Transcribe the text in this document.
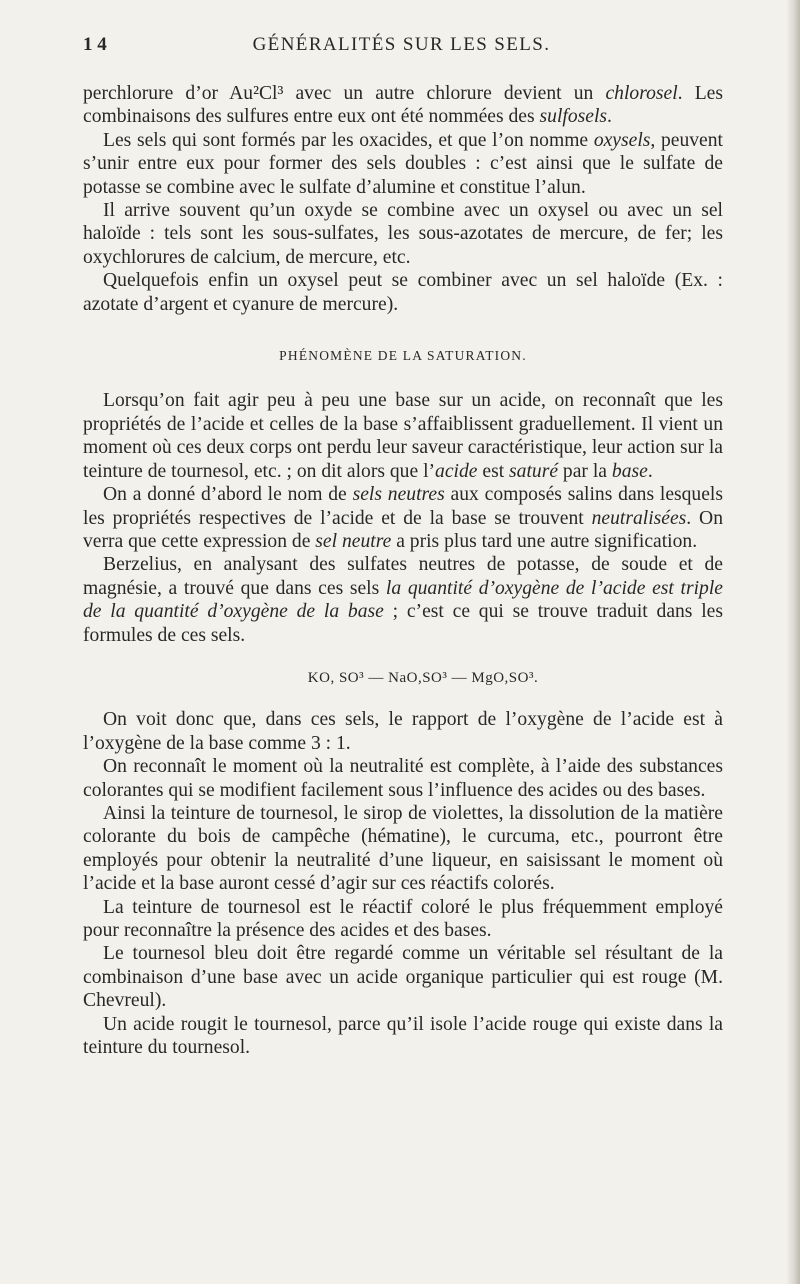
1 4	GÉNÉRALITÉS SUR LES SELS.

perchlorure d’or Au²Cl³ avec un autre chlorure devient un chlorosel. Les combinaisons des sulfures entre eux ont été nommées des sulfosels.

Les sels qui sont formés par les oxacides, et que l’on nomme oxysels, peuvent s’unir entre eux pour former des sels doubles : c’est ainsi que le sulfate de potasse se combine avec le sulfate d’alumine et constitue l’alun.

Il arrive souvent qu’un oxyde se combine avec un oxysel ou avec un sel haloïde : tels sont les sous-sulfates, les sous-azotates de mercure, de fer; les oxychlorures de calcium, de mercure, etc.

Quelquefois enfin un oxysel peut se combiner avec un sel haloïde (Ex. : azotate d’argent et cyanure de mercure).

PHÉNOMÈNE DE LA SATURATION.

Lorsqu’on fait agir peu à peu une base sur un acide, on reconnaît que les propriétés de l’acide et celles de la base s’affaiblissent graduellement. Il vient un moment où ces deux corps ont perdu leur saveur caractéristique, leur action sur la teinture de tournesol, etc. ; on dit alors que l’acide est saturé par la base.

On a donné d’abord le nom de sels neutres aux composés salins dans lesquels les propriétés respectives de l’acide et de la base se trouvent neutralisées. On verra que cette expression de sel neutre a pris plus tard une autre signification.

Berzelius, en analysant des sulfates neutres de potasse, de soude et de magnésie, a trouvé que dans ces sels la quantité d’oxygène de l’acide est triple de la quantité d’oxygène de la base ; c’est ce qui se trouve traduit dans les formules de ces sels.

KO, SO³ — NaO,SO³ — MgO,SO³.

On voit donc que, dans ces sels, le rapport de l’oxygène de l’acide est à l’oxygène de la base comme 3 : 1.

On reconnaît le moment où la neutralité est complète, à l’aide des substances colorantes qui se modifient facilement sous l’influence des acides ou des bases.

Ainsi la teinture de tournesol, le sirop de violettes, la dissolution de la matière colorante du bois de campêche (hématine), le curcuma, etc., pourront être employés pour obtenir la neutralité d’une liqueur, en saisissant le moment où l’acide et la base auront cessé d’agir sur ces réactifs colorés.

La teinture de tournesol est le réactif coloré le plus fréquemment employé pour reconnaître la présence des acides et des bases.

Le tournesol bleu doit être regardé comme un véritable sel résultant de la combinaison d’une base avec un acide organique particulier qui est rouge (M. Chevreul).

Un acide rougit le tournesol, parce qu’il isole l’acide rouge qui existe dans la teinture du tournesol.
